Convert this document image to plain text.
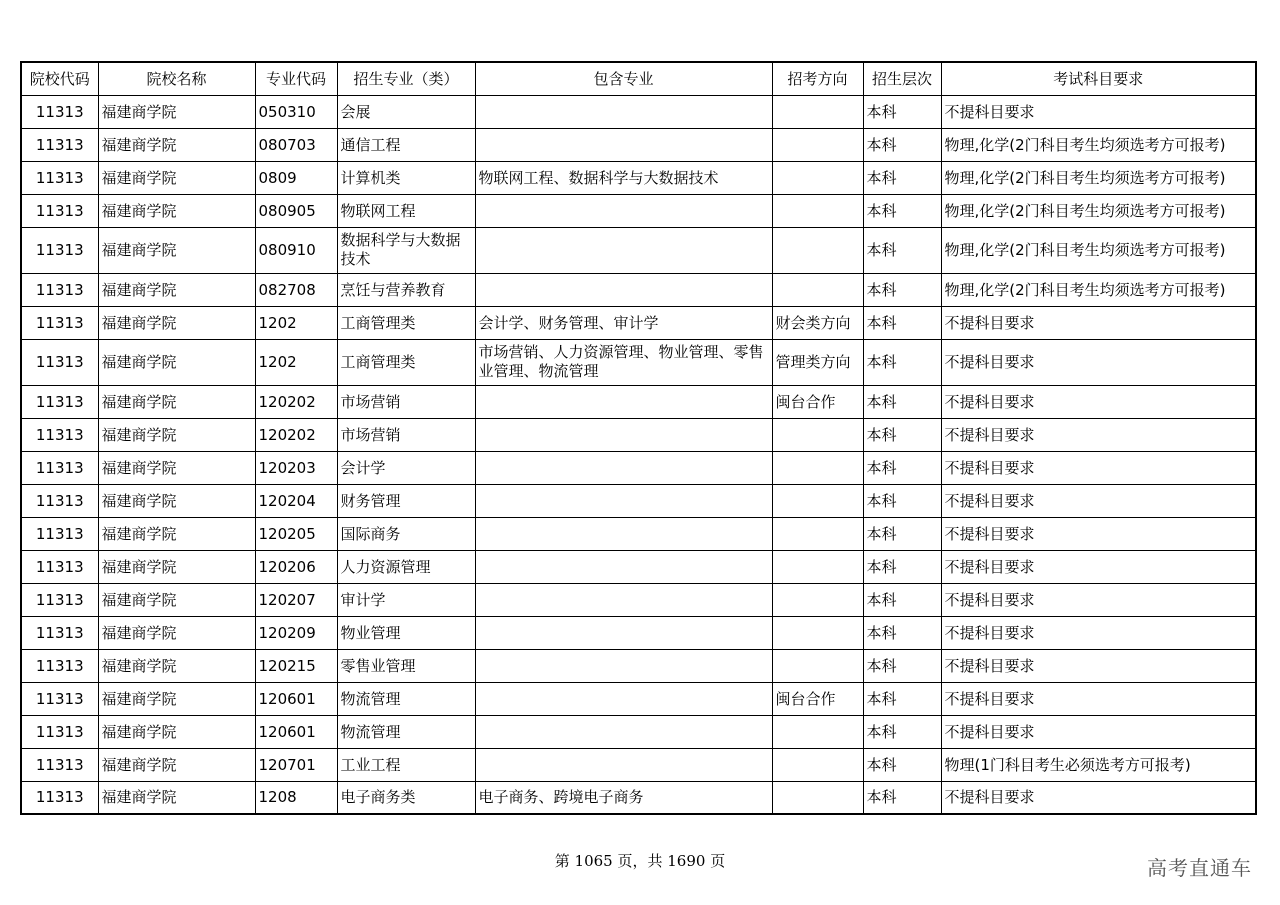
院校代码	院校名称	专业代码	招生专业（类）	包含专业	招考方向	招生层次	考试科目要求
11313	福建商学院	050310	会展			本科	不提科目要求
11313	福建商学院	080703	通信工程			本科	物理,化学(2门科目考生均须选考方可报考)
11313	福建商学院	0809	计算机类	物联网工程、数据科学与大数据技术		本科	物理,化学(2门科目考生均须选考方可报考)
11313	福建商学院	080905	物联网工程			本科	物理,化学(2门科目考生均须选考方可报考)
11313	福建商学院	080910	数据科学与大数据技术			本科	物理,化学(2门科目考生均须选考方可报考)
11313	福建商学院	082708	烹饪与营养教育			本科	物理,化学(2门科目考生均须选考方可报考)
11313	福建商学院	1202	工商管理类	会计学、财务管理、审计学	财会类方向	本科	不提科目要求
11313	福建商学院	1202	工商管理类	市场营销、人力资源管理、物业管理、零售业管理、物流管理	管理类方向	本科	不提科目要求
11313	福建商学院	120202	市场营销		闽台合作	本科	不提科目要求
11313	福建商学院	120202	市场营销			本科	不提科目要求
11313	福建商学院	120203	会计学			本科	不提科目要求
11313	福建商学院	120204	财务管理			本科	不提科目要求
11313	福建商学院	120205	国际商务			本科	不提科目要求
11313	福建商学院	120206	人力资源管理			本科	不提科目要求
11313	福建商学院	120207	审计学			本科	不提科目要求
11313	福建商学院	120209	物业管理			本科	不提科目要求
11313	福建商学院	120215	零售业管理			本科	不提科目要求
11313	福建商学院	120601	物流管理		闽台合作	本科	不提科目要求
11313	福建商学院	120601	物流管理			本科	不提科目要求
11313	福建商学院	120701	工业工程			本科	物理(1门科目考生必须选考方可报考)
11313	福建商学院	1208	电子商务类	电子商务、跨境电子商务		本科	不提科目要求
第 1065 页，共 1690 页	高考直通车
